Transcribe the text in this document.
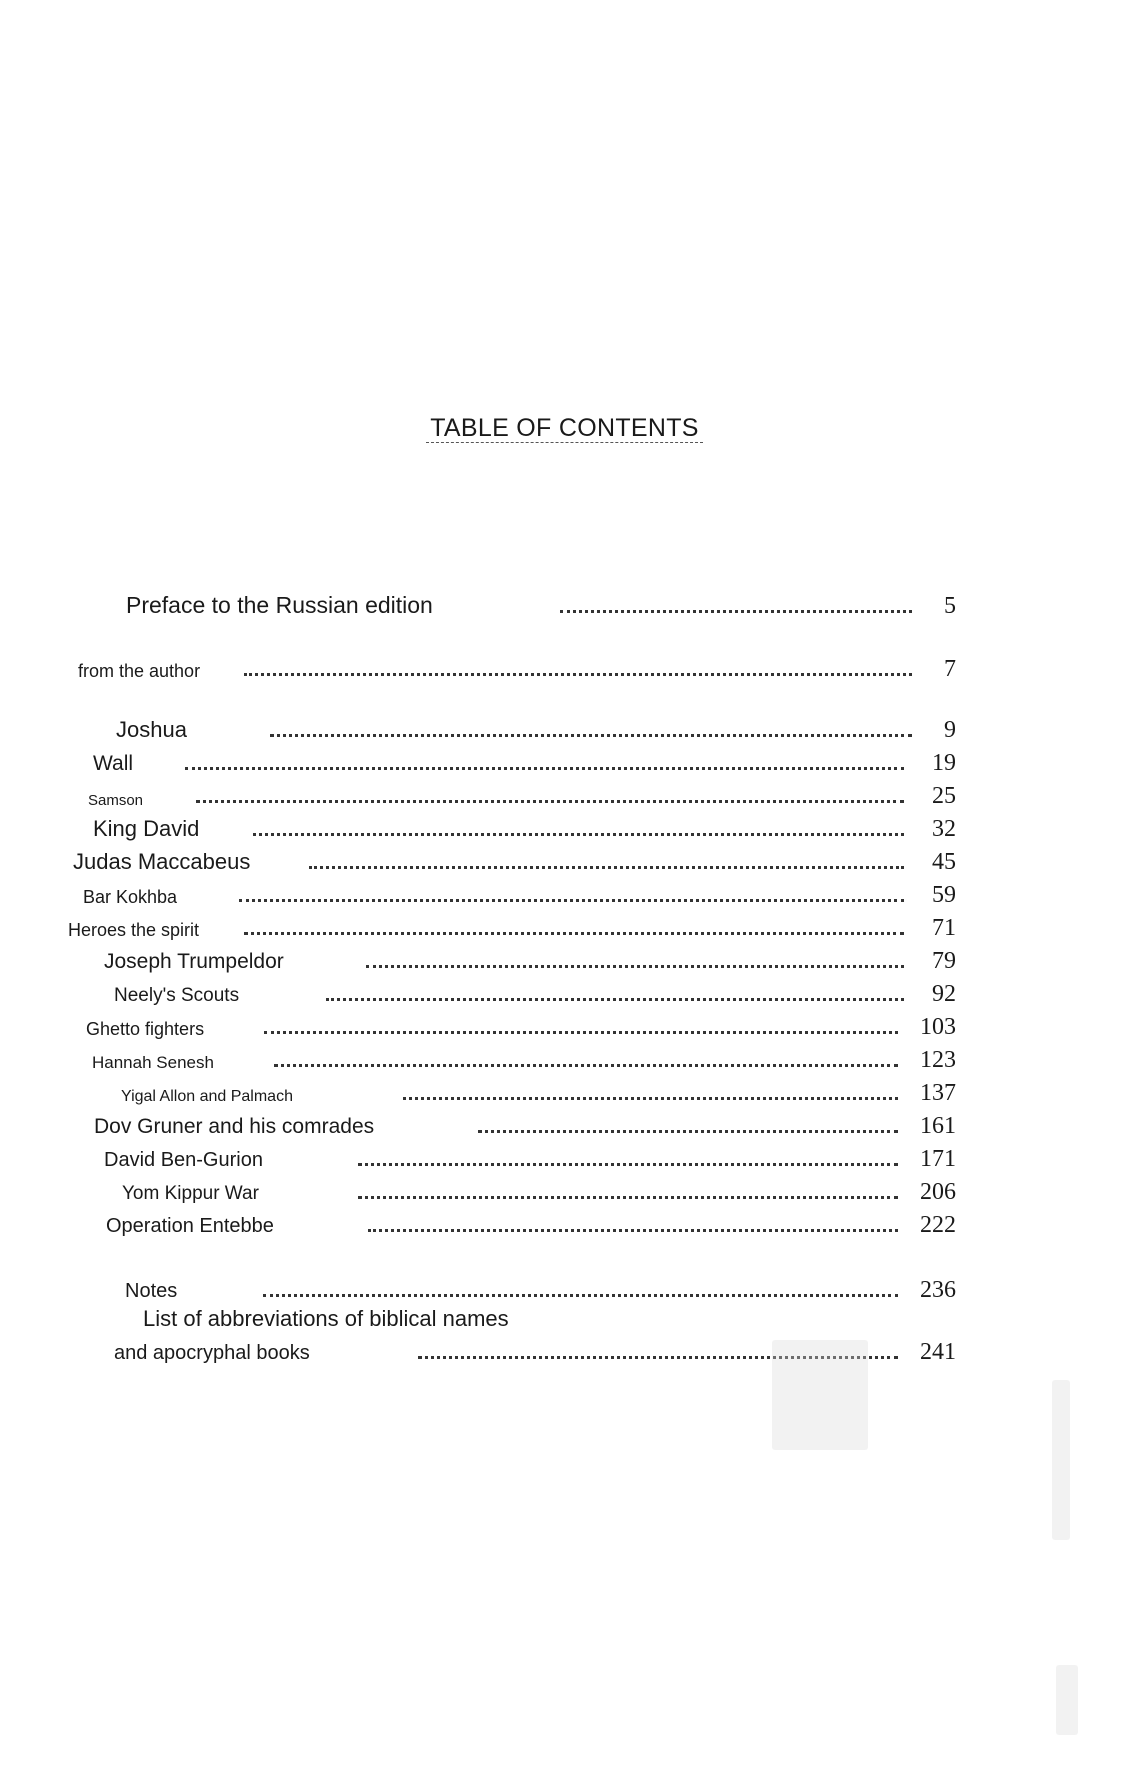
TABLE OF CONTENTS
Preface to the Russian edition	5
from the author	7
Joshua	9
Wall	19
Samson	25
King David	32
Judas Maccabeus	45
Bar Kokhba	59
Heroes the spirit	71
Joseph Trumpeldor	79
Neely's Scouts	92
Ghetto fighters	103
Hannah Senesh	123
Yigal Allon and Palmach	137
Dov Gruner and his comrades	161
David Ben-Gurion	171
Yom Kippur War	206
Operation Entebbe	222
Notes	236
List of abbreviations of biblical names
and apocryphal books	241
